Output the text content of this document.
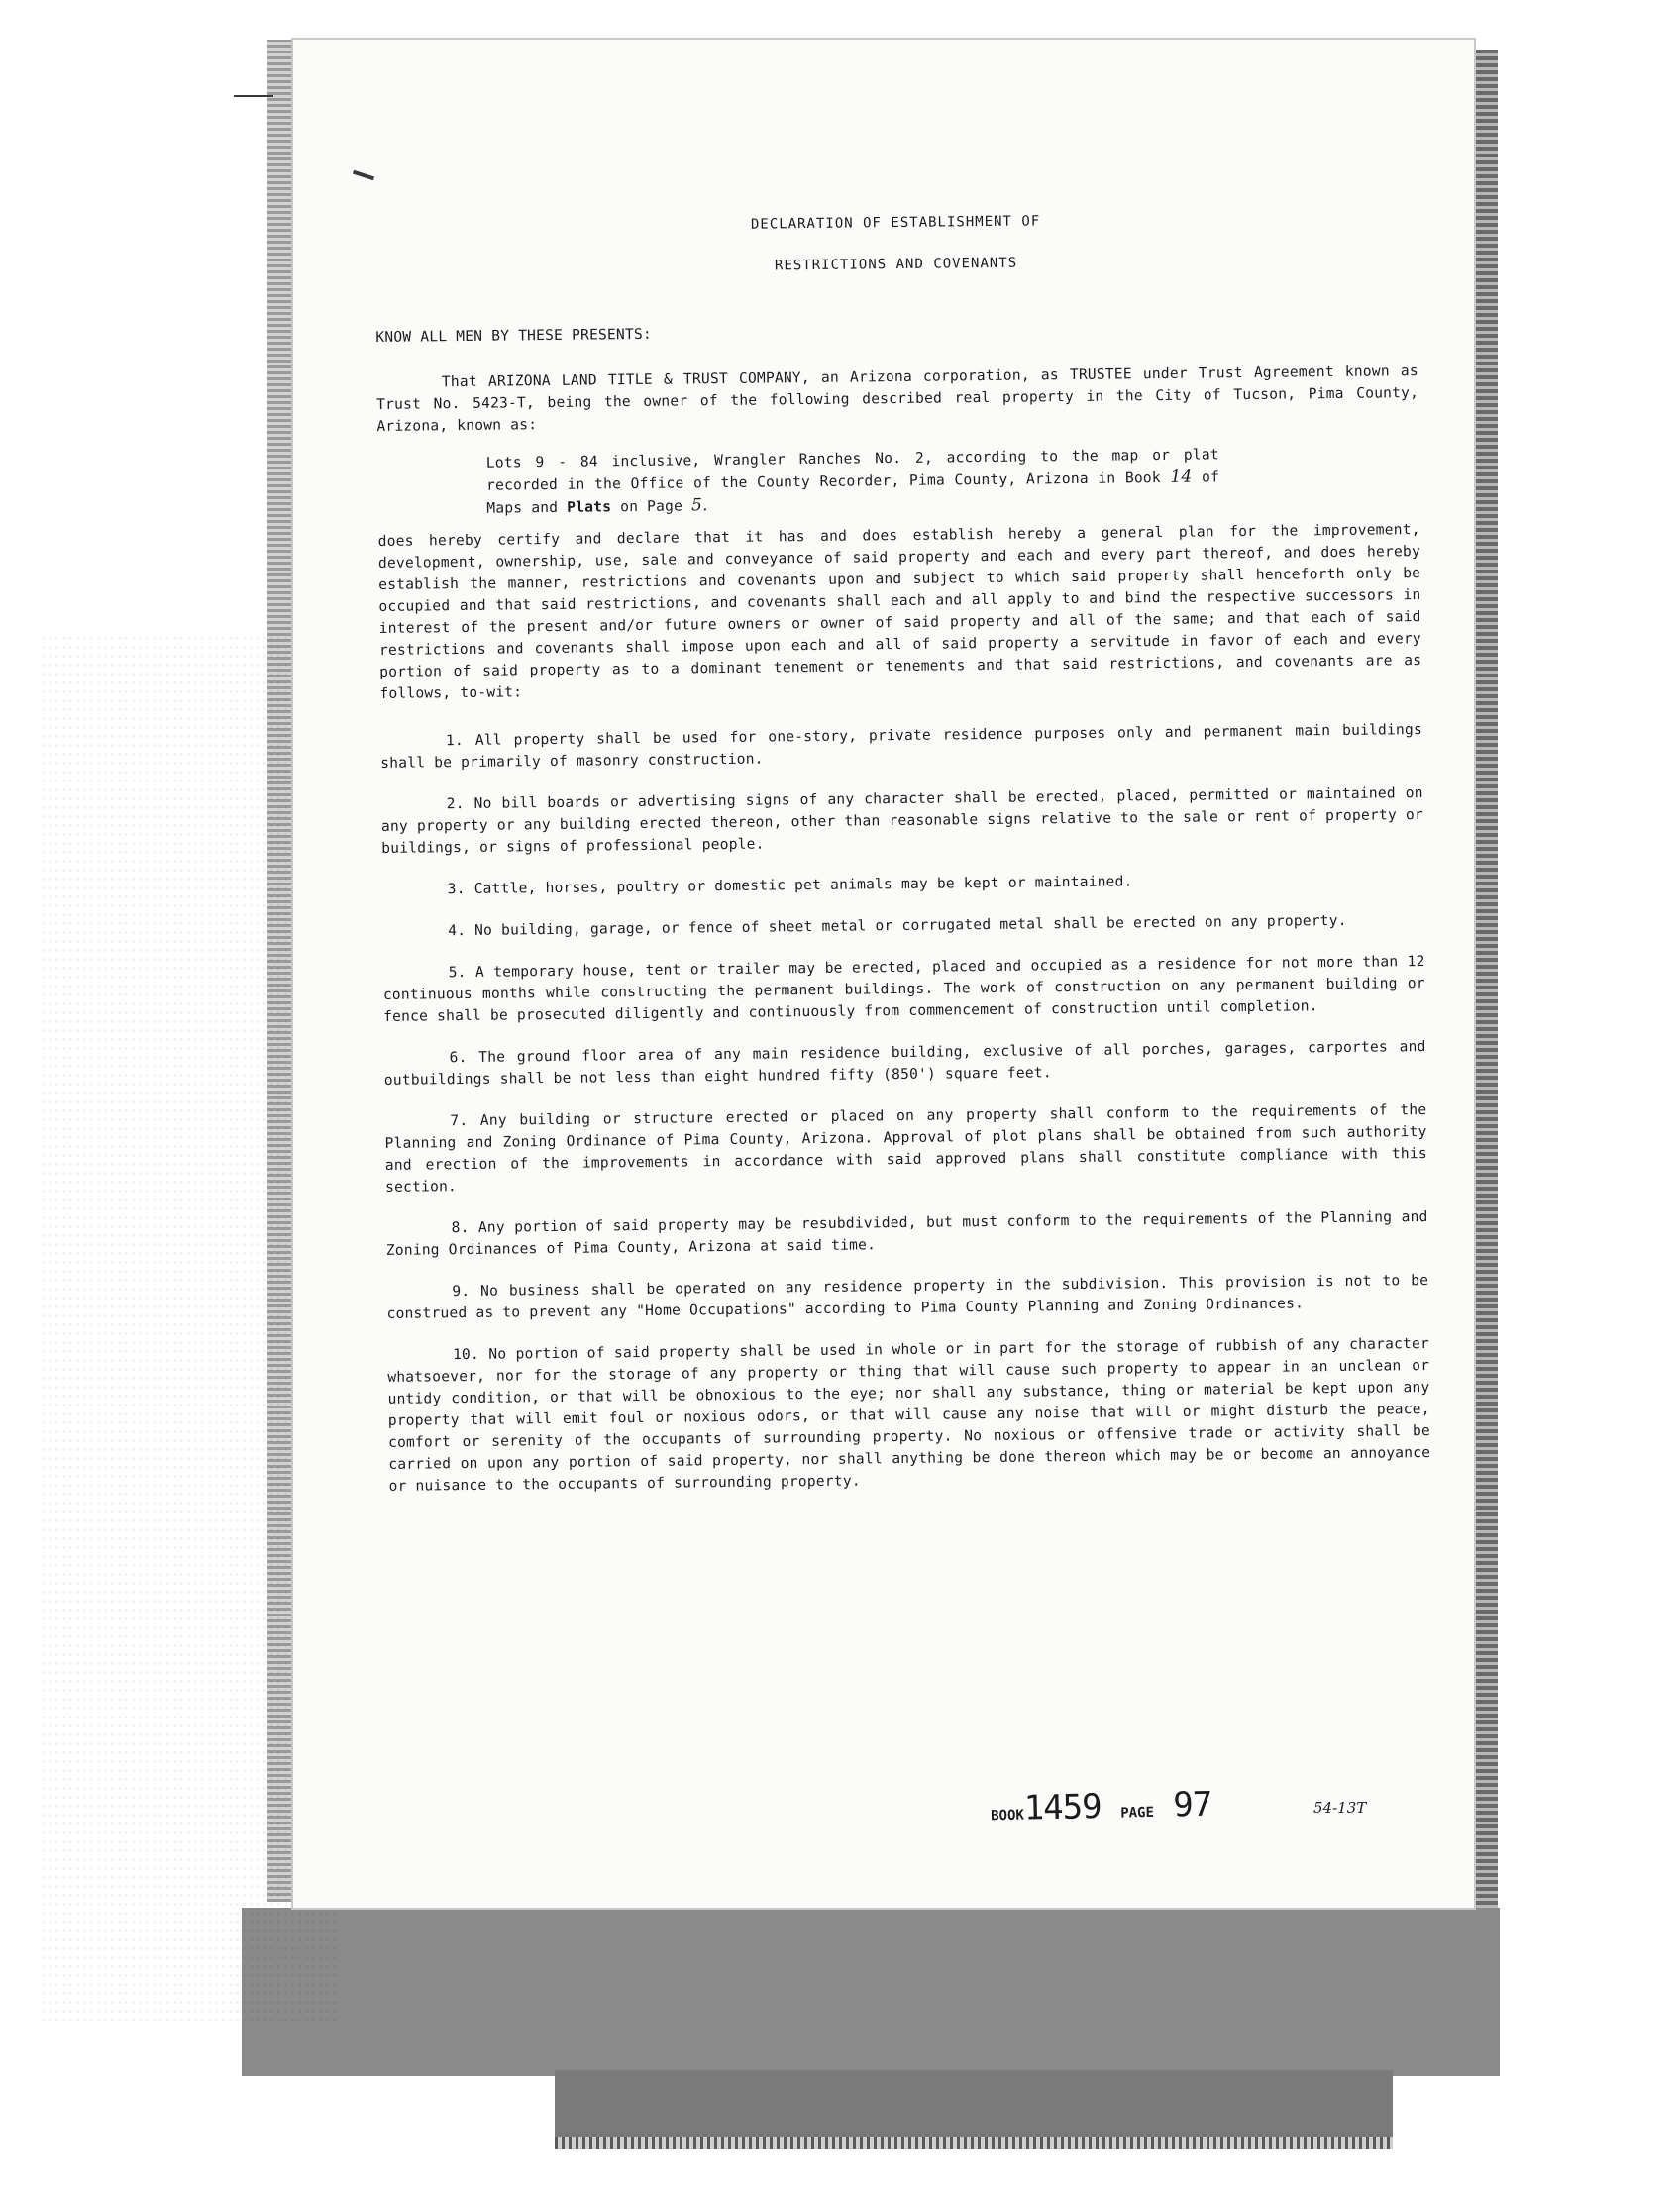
DECLARATION OF ESTABLISHMENT OF
RESTRICTIONS AND COVENANTS
KNOW ALL MEN BY THESE PRESENTS:
That ARIZONA LAND TITLE & TRUST COMPANY, an Arizona corporation, as TRUSTEE under Trust Agreement known as Trust No. 5423-T, being the owner of the following described real property in the City of Tucson, Pima County, Arizona, known as:
Lots 9 - 84 inclusive, Wrangler Ranches No. 2, according to the map or plat recorded in the Office of the County Recorder, Pima County, Arizona in Book 14 of Maps and Plats on Page 5.
does hereby certify and declare that it has and does establish hereby a general plan for the improvement, development, ownership, use, sale and conveyance of said property and each and every part thereof, and does hereby establish the manner, restrictions and covenants upon and subject to which said property shall henceforth only be occupied and that said restrictions, and covenants shall each and all apply to and bind the respective successors in interest of the present and/or future owners or owner of said property and all of the same; and that each of said restrictions and covenants shall impose upon each and all of said property a servitude in favor of each and every portion of said property as to a dominant tenement or tenements and that said restrictions, and covenants are as follows, to-wit:
1. All property shall be used for one-story, private residence purposes only and permanent main buildings shall be primarily of masonry construction.
2. No bill boards or advertising signs of any character shall be erected, placed, permitted or maintained on any property or any building erected thereon, other than reasonable signs relative to the sale or rent of property or buildings, or signs of professional people.
3. Cattle, horses, poultry or domestic pet animals may be kept or maintained.
4. No building, garage, or fence of sheet metal or corrugated metal shall be erected on any property.
5. A temporary house, tent or trailer may be erected, placed and occupied as a residence for not more than 12 continuous months while constructing the permanent buildings. The work of construction on any permanent building or fence shall be prosecuted diligently and continuously from commencement of construction until completion.
6. The ground floor area of any main residence building, exclusive of all porches, garages, carportes and outbuildings shall be not less than eight hundred fifty (850') square feet.
7. Any building or structure erected or placed on any property shall conform to the requirements of the Planning and Zoning Ordinance of Pima County, Arizona. Approval of plot plans shall be obtained from such authority and erection of the improvements in accordance with said approved plans shall constitute compliance with this section.
8. Any portion of said property may be resubdivided, but must conform to the requirements of the Planning and Zoning Ordinances of Pima County, Arizona at said time.
9. No business shall be operated on any residence property in the subdivision. This provision is not to be construed as to prevent any "Home Occupations" according to Pima County Planning and Zoning Ordinances.
10. No portion of said property shall be used in whole or in part for the storage of rubbish of any character whatsoever, nor for the storage of any property or thing that will cause such property to appear in an unclean or untidy condition, or that will be obnoxious to the eye; nor shall any substance, thing or material be kept upon any property that will emit foul or noxious odors, or that will cause any noise that will or might disturb the peace, comfort or serenity of the occupants of surrounding property. No noxious or offensive trade or activity shall be carried on upon any portion of said property, nor shall anything be done thereon which may be or become an annoyance or nuisance to the occupants of surrounding property.
BOOK1459 PAGE 97	54-13T
